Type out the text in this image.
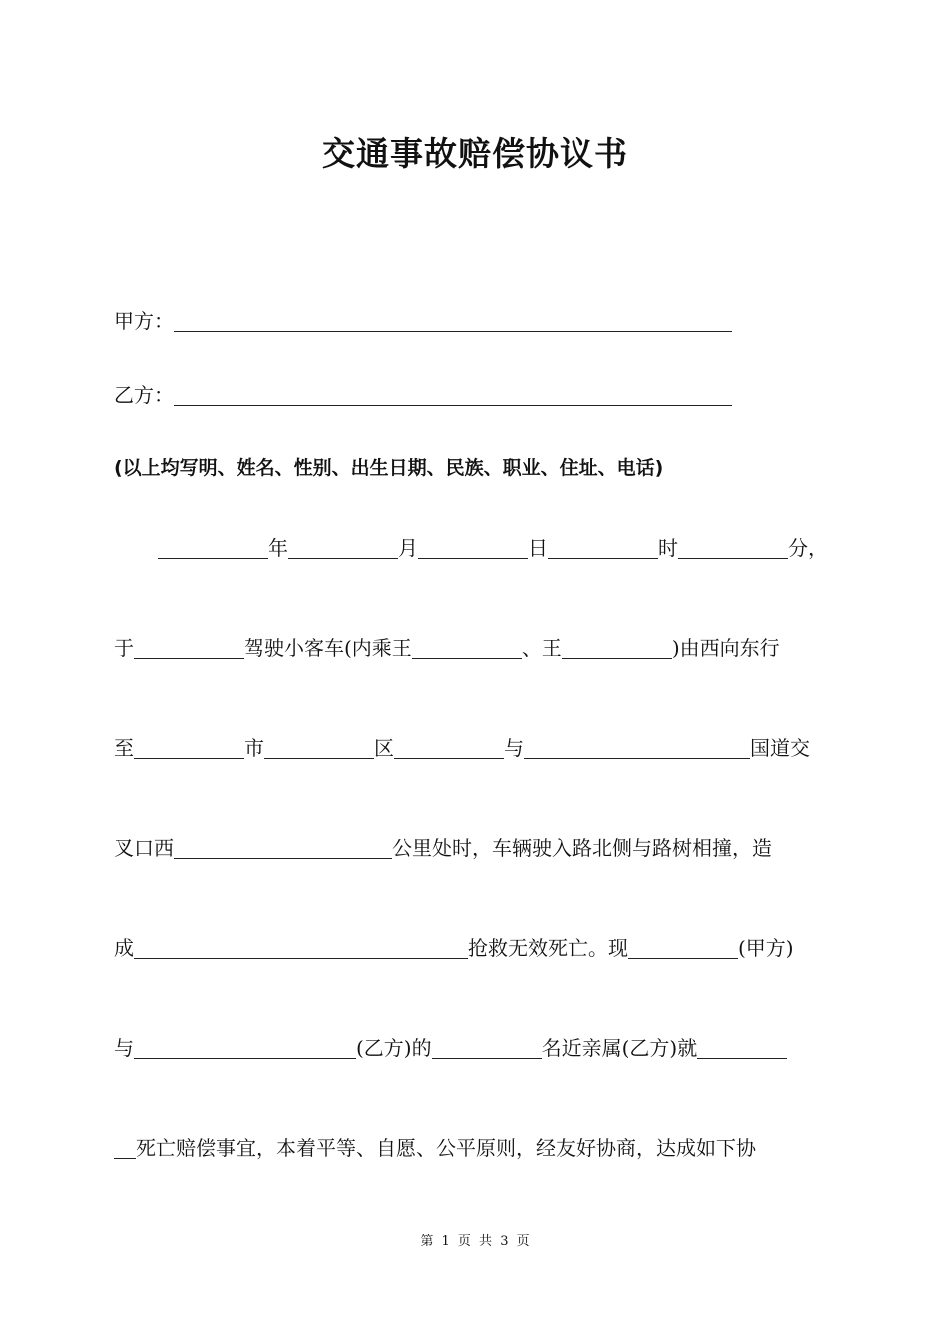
交通事故赔偿协议书
甲方：
乙方：
(以上均写明、姓名、性别、出生日期、民族、职业、住址、电话)
年	月	日	时	分，
于	驾驶小客车(内乘王	、王	)由西向东行
至	市	区	与	国道交
叉口西	公里处时，车辆驶入路北侧与路树相撞，造
成	抢救无效死亡。现	(甲方)
与	(乙方)的	名近亲属(乙方)就
死亡赔偿事宜，本着平等、自愿、公平原则，经友好协商，达成如下协
第 1 页 共 3 页
